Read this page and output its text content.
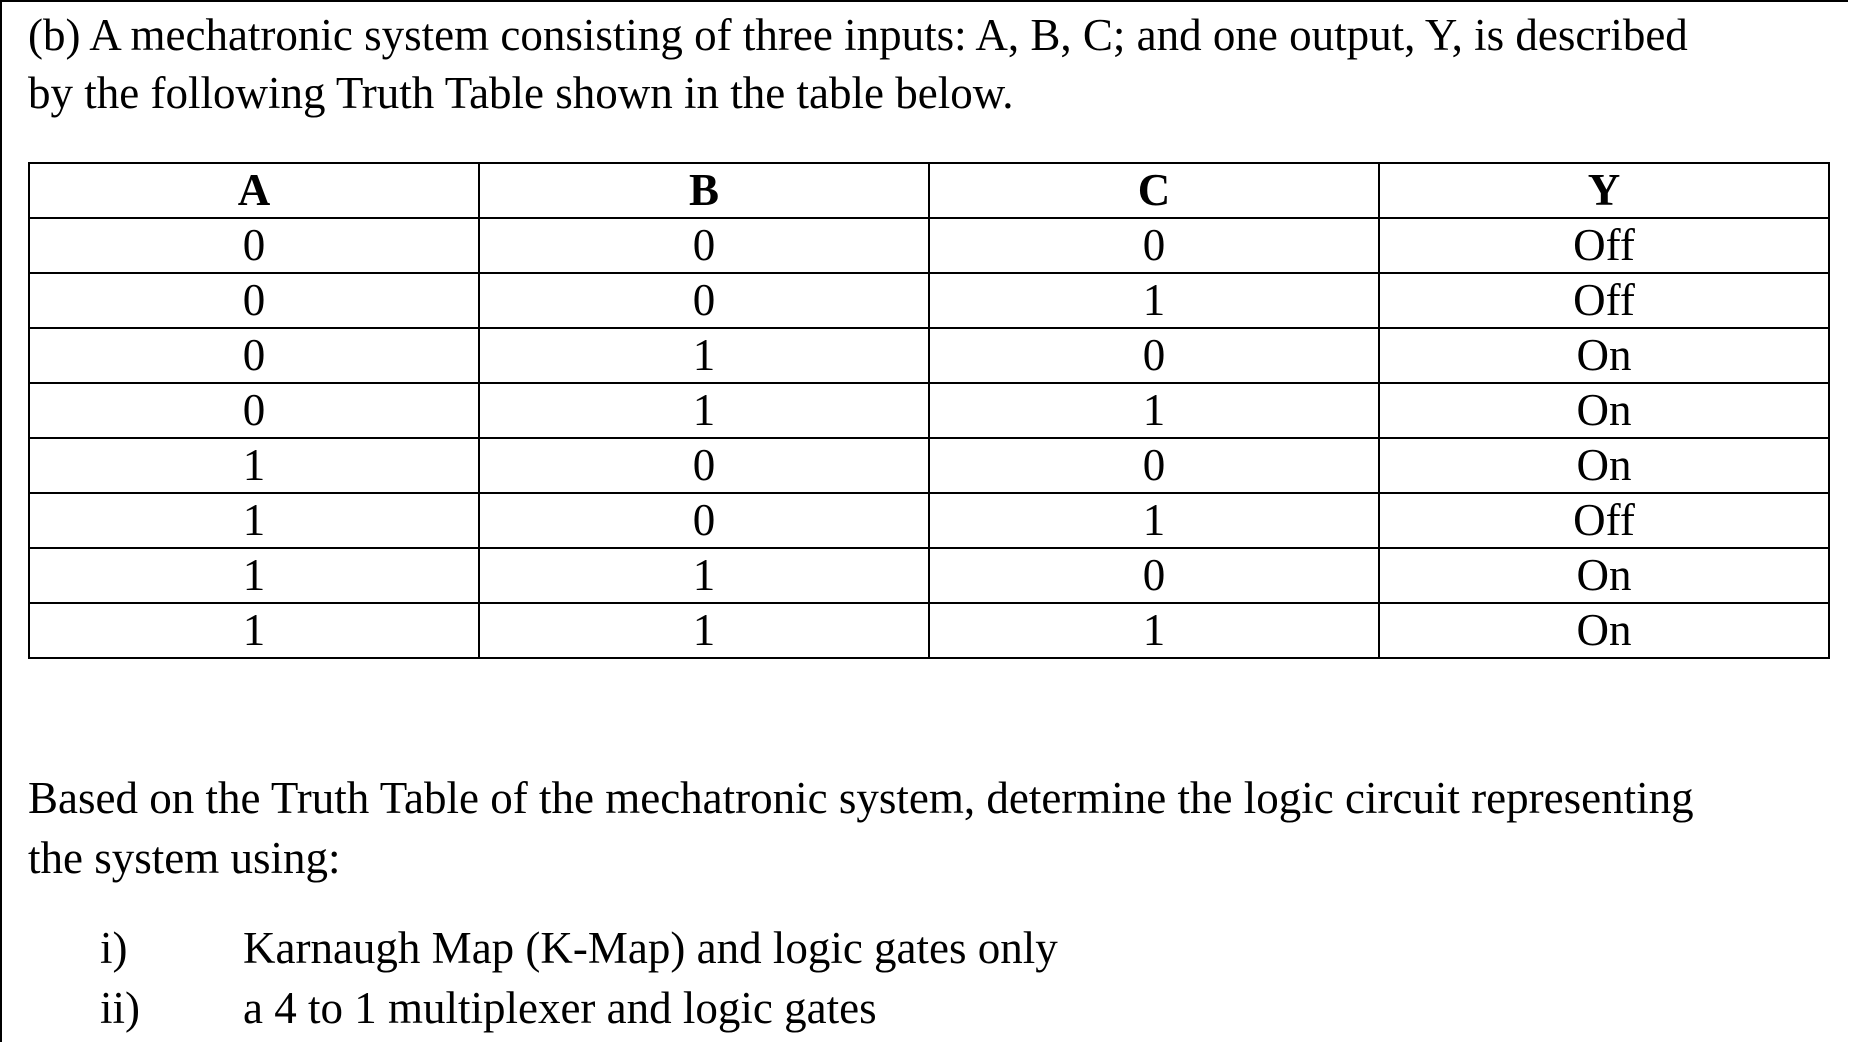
(b) A mechatronic system consisting of three inputs: A, B, C; and one output, Y, is described
by the following Truth Table shown in the table below.

A	B	C	Y
0	0	0	Off
0	0	1	Off
0	1	0	On
0	1	1	On
1	0	0	On
1	0	1	Off
1	1	0	On
1	1	1	On

Based on the Truth Table of the mechatronic system, determine the logic circuit representing
the system using:

i)	Karnaugh Map (K-Map) and logic gates only
ii)	a 4 to 1 multiplexer and logic gates
